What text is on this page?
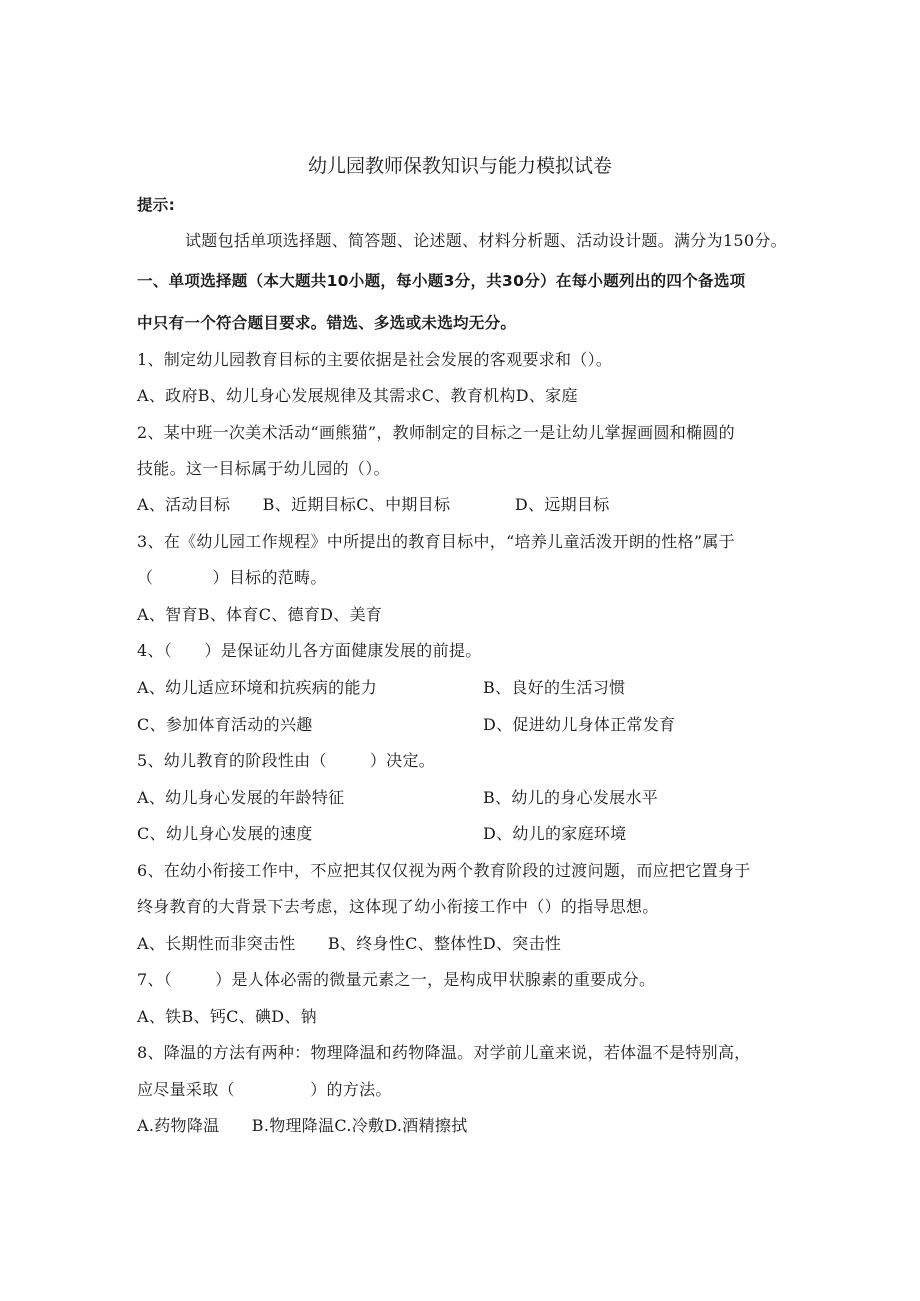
幼儿园教师保教知识与能力模拟试卷
提示:
试题包括单项选择题、简答题、论述题、材料分析题、活动设计题。满分为150分。
一、单项选择题（本大题共10小题，每小题3分，共30分）在每小题列出的四个备选项
中只有一个符合题目要求。错选、多选或未选均无分。
1、制定幼儿园教育目标的主要依据是社会发展的客观要求和（）。
A、政府B、幼儿身心发展规律及其需求C、教育机构D、家庭
2、某中班一次美术活动“画熊猫”，教师制定的目标之一是让幼儿掌握画圆和椭圆的
技能。这一目标属于幼儿园的（）。
A、活动目标      B、近期目标C、中期目标            D、远期目标
3、在《幼儿园工作规程》中所提出的教育目标中，“培养儿童活泼开朗的性格”属于
（           ）目标的范畴。
A、智育B、体育C、德育D、美育
4、（      ）是保证幼儿各方面健康发展的前提。
A、幼儿适应环境和抗疾病的能力	B、良好的生活习惯
C、参加体育活动的兴趣	D、促进幼儿身体正常发育
5、幼儿教育的阶段性由（        ）决定。
A、幼儿身心发展的年龄特征	B、幼儿的身心发展水平
C、幼儿身心发展的速度	D、幼儿的家庭环境
6、在幼小衔接工作中，不应把其仅仅视为两个教育阶段的过渡问题，而应把它置身于
终身教育的大背景下去考虑，这体现了幼小衔接工作中（）的指导思想。
A、长期性而非突击性      B、终身性C、整体性D、突击性
7、（        ）是人体必需的微量元素之一，是构成甲状腺素的重要成分。
A、铁B、钙C、碘D、钠
8、降温的方法有两种：物理降温和药物降温。对学前儿童来说，若体温不是特别高，
应尽量采取（              ）的方法。
A.药物降温      B.物理降温C.冷敷D.酒精擦拭
